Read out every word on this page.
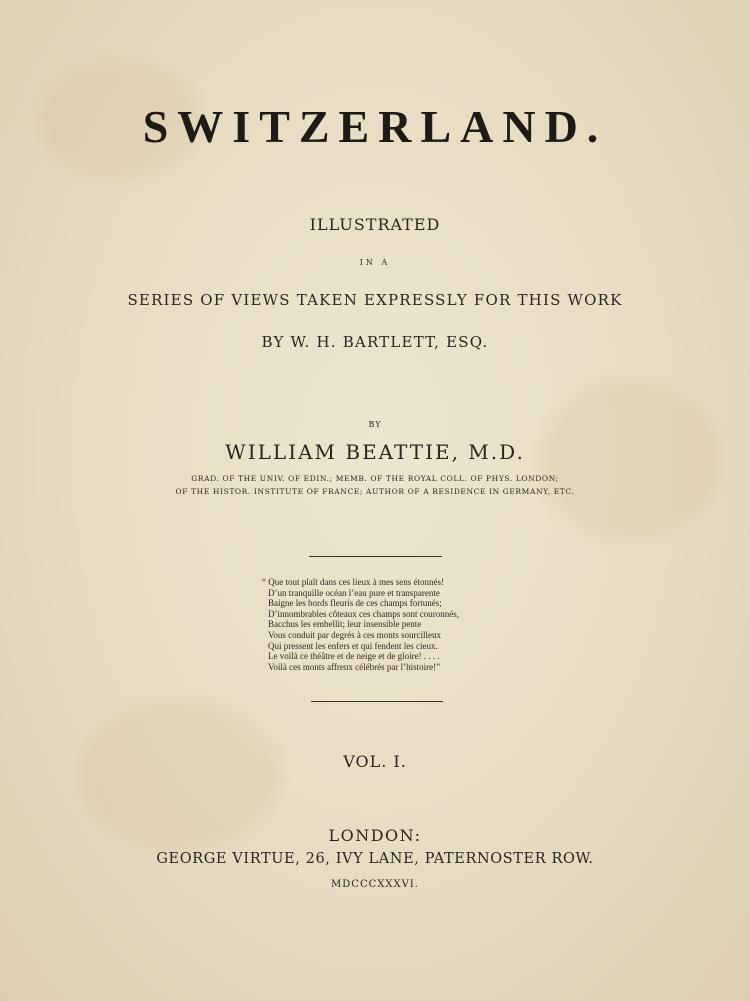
SWITZERLAND.
ILLUSTRATED
IN A
SERIES OF VIEWS TAKEN EXPRESSLY FOR THIS WORK
BY W. H. BARTLETT, ESQ.
BY
WILLIAM BEATTIE, M.D.
GRAD. OF THE UNIV. OF EDIN.; MEMB. OF THE ROYAL COLL. OF PHYS. LONDON;
OF THE HISTOR. INSTITUTE OF FRANCE; AUTHOR OF A RESIDENCE IN GERMANY, ETC.
“ Que tout plaît dans ces lieux à mes sens étonnés!
D’un tranquille océan l’eau pure et transparente
Baigne les bords fleuris de ces champs fortunés;
D’innombrables côteaux ces champs sont couronnés,
Bacchus les embellit; leur insensible pente
Vous conduit par degrés à ces monts sourcilleux
Qui pressent les enfers et qui fendent les cieux.
Le voilà ce théâtre et de neige et de gloire! . . . .
Voilà ces monts affreux célébrés par l’histoire!”
VOL. I.
LONDON:
GEORGE VIRTUE, 26, IVY LANE, PATERNOSTER ROW.
MDCCCXXXVI.
